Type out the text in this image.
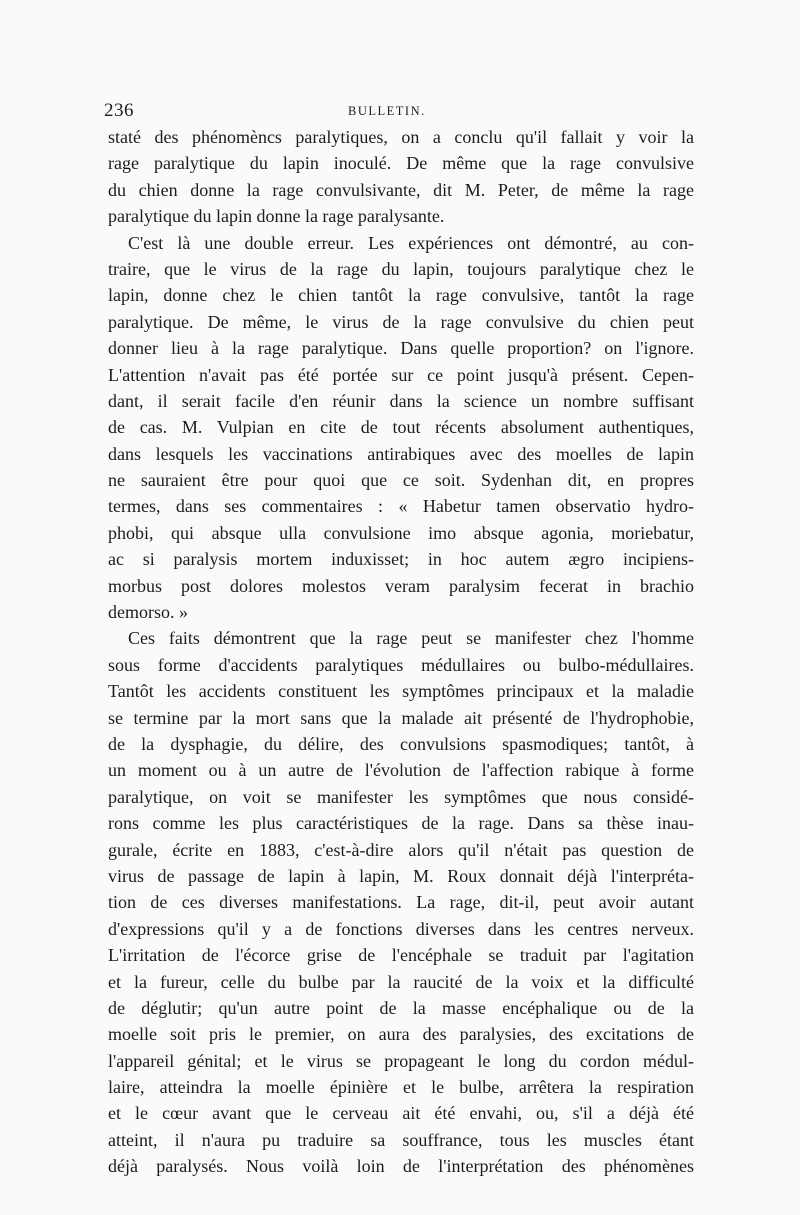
236	BULLETIN.
staté des phénomèncs paralytiques, on a conclu qu'il fallait y voir la
rage paralytique du lapin inoculé. De même que la rage convulsive
du chien donne la rage convulsivante, dit M. Peter, de même la rage
paralytique du lapin donne la rage paralysante.
C'est là une double erreur. Les expériences ont démontré, au con-
traire, que le virus de la rage du lapin, toujours paralytique chez le
lapin, donne chez le chien tantôt la rage convulsive, tantôt la rage
paralytique. De même, le virus de la rage convulsive du chien peut
donner lieu à la rage paralytique. Dans quelle proportion? on l'ignore.
L'attention n'avait pas été portée sur ce point jusqu'à présent. Cepen-
dant, il serait facile d'en réunir dans la science un nombre suffisant
de cas. M. Vulpian en cite de tout récents absolument authentiques,
dans lesquels les vaccinations antirabiques avec des moelles de lapin
ne sauraient être pour quoi que ce soit. Sydenhan dit, en propres
termes, dans ses commentaires : « Habetur tamen observatio hydro-
phobi, qui absque ulla convulsione imo absque agonia, moriebatur,
ac si paralysis mortem induxisset; in hoc autem ægro incipiens-
morbus post dolores molestos veram paralysim fecerat in brachio
demorso. »
Ces faits démontrent que la rage peut se manifester chez l'homme
sous forme d'accidents paralytiques médullaires ou bulbo-médullaires.
Tantôt les accidents constituent les symptômes principaux et la maladie
se termine par la mort sans que la malade ait présenté de l'hydrophobie,
de la dysphagie, du délire, des convulsions spasmodiques; tantôt, à
un moment ou à un autre de l'évolution de l'affection rabique à forme
paralytique, on voit se manifester les symptômes que nous considé-
rons comme les plus caractéristiques de la rage. Dans sa thèse inau-
gurale, écrite en 1883, c'est-à-dire alors qu'il n'était pas question de
virus de passage de lapin à lapin, M. Roux donnait déjà l'interpréta-
tion de ces diverses manifestations. La rage, dit-il, peut avoir autant
d'expressions qu'il y a de fonctions diverses dans les centres nerveux.
L'irritation de l'écorce grise de l'encéphale se traduit par l'agitation
et la fureur, celle du bulbe par la raucité de la voix et la difficulté
de déglutir; qu'un autre point de la masse encéphalique ou de la
moelle soit pris le premier, on aura des paralysies, des excitations de
l'appareil génital; et le virus se propageant le long du cordon médul-
laire, atteindra la moelle épinière et le bulbe, arrêtera la respiration
et le cœur avant que le cerveau ait été envahi, ou, s'il a déjà été
atteint, il n'aura pu traduire sa souffrance, tous les muscles étant
déjà paralysés. Nous voilà loin de l'interprétation des phénomènes
